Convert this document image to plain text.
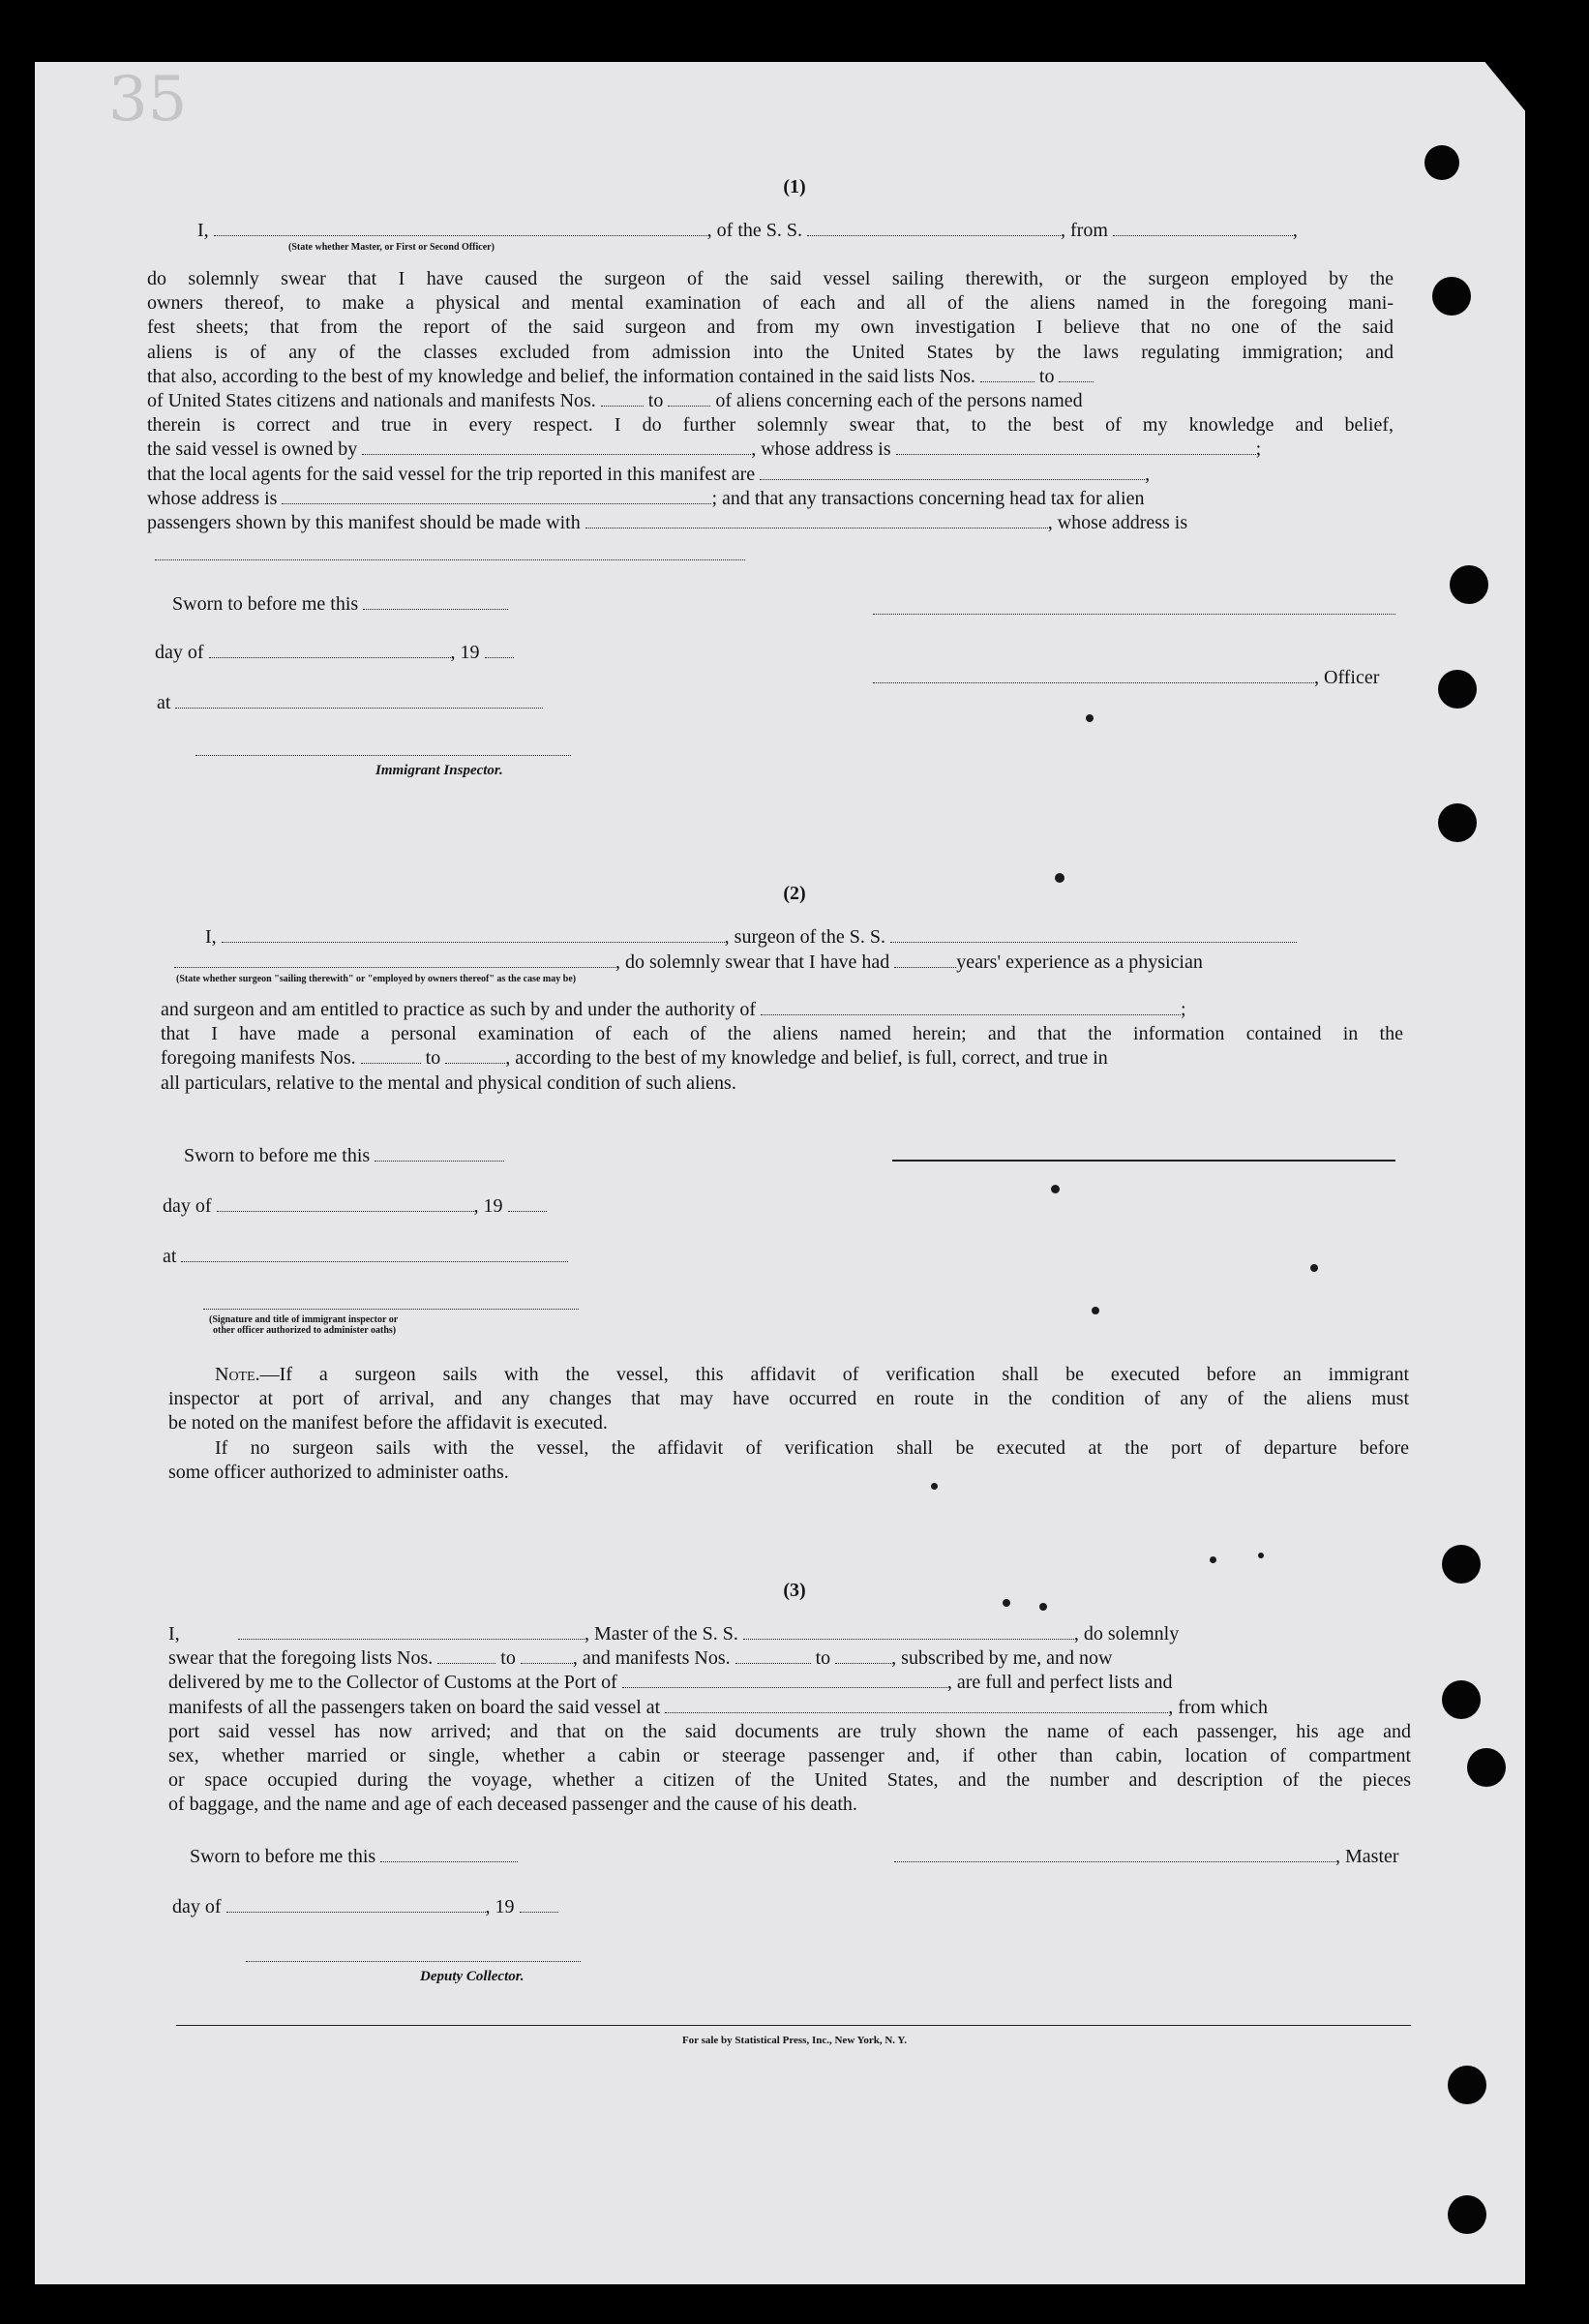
35
(1)
I,	, of the S. S.	, from	,
(State whether Master, or First or Second Officer)
do solemnly swear that I have caused the surgeon of the said vessel sailing therewith, or the surgeon employed by the
owners thereof, to make a physical and mental examination of each and all of the aliens named in the foregoing mani-
fest sheets; that from the report of the said surgeon and from my own investigation I believe that no one of the said
aliens is of any of the classes excluded from admission into the United States by the laws regulating immigration; and
that also, according to the best of my knowledge and belief, the information contained in the said lists Nos.	to
of United States citizens and nationals and manifests Nos.	to	of aliens concerning each of the persons named
therein is correct and true in every respect. I do further solemnly swear that, to the best of my knowledge and belief,
the said vessel is owned by	, whose address is	;
that the local agents for the said vessel for the trip reported in this manifest are	,
whose address is	; and that any transactions concerning head tax for alien
passengers shown by this manifest should be made with	, whose address is
Sworn to before me this
day of	, 19
, Officer
at
Immigrant Inspector.
(2)
I,	, surgeon of the S. S.
, do solemnly swear that I have had	years' experience as a physician
(State whether surgeon "sailing therewith" or "employed by owners thereof" as the case may be)
and surgeon and am entitled to practice as such by and under the authority of	;
that I have made a personal examination of each of the aliens named herein; and that the information contained in the
foregoing manifests Nos.	to	, according to the best of my knowledge and belief, is full, correct, and true in
all particulars, relative to the mental and physical condition of such aliens.
Sworn to before me this
day of	, 19
at
(Signature and title of immigrant inspector or
other officer authorized to administer oaths)
Note.—If a surgeon sails with the vessel, this affidavit of verification shall be executed before an immigrant
inspector at port of arrival, and any changes that may have occurred en route in the condition of any of the aliens must
be noted on the manifest before the affidavit is executed.
If no surgeon sails with the vessel, the affidavit of verification shall be executed at the port of departure before
some officer authorized to administer oaths.
(3)
I,	, Master of the S. S.	, do solemnly
swear that the foregoing lists Nos.	to	, and manifests Nos.	to	, subscribed by me, and now
delivered by me to the Collector of Customs at the Port of	, are full and perfect lists and
manifests of all the passengers taken on board the said vessel at	, from which
port said vessel has now arrived; and that on the said documents are truly shown the name of each passenger, his age and
sex, whether married or single, whether a cabin or steerage passenger and, if other than cabin, location of compartment
or space occupied during the voyage, whether a citizen of the United States, and the number and description of the pieces
of baggage, and the name and age of each deceased passenger and the cause of his death.
Sworn to before me this	, Master
day of	, 19
Deputy Collector.
For sale by Statistical Press, Inc., New York, N. Y.
